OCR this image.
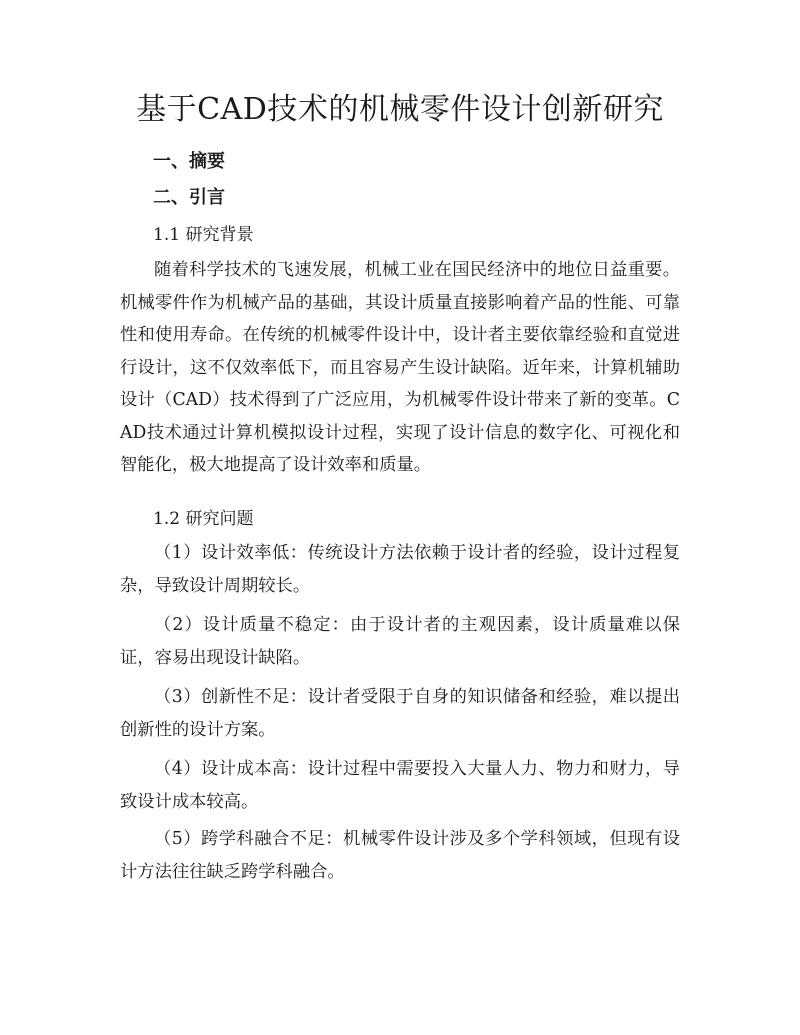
基于CAD技术的机械零件设计创新研究

一、摘要

二、引言

1.1 研究背景

随着科学技术的飞速发展，机械工业在国民经济中的地位日益重要。机械零件作为机械产品的基础，其设计质量直接影响着产品的性能、可靠性和使用寿命。在传统的机械零件设计中，设计者主要依靠经验和直觉进行设计，这不仅效率低下，而且容易产生设计缺陷。近年来，计算机辅助设计（CAD）技术得到了广泛应用，为机械零件设计带来了新的变革。CAD技术通过计算机模拟设计过程，实现了设计信息的数字化、可视化和智能化，极大地提高了设计效率和质量。

1.2 研究问题

（1）设计效率低：传统设计方法依赖于设计者的经验，设计过程复杂，导致设计周期较长。

（2）设计质量不稳定：由于设计者的主观因素，设计质量难以保证，容易出现设计缺陷。

（3）创新性不足：设计者受限于自身的知识储备和经验，难以提出创新性的设计方案。

（4）设计成本高：设计过程中需要投入大量人力、物力和财力，导致设计成本较高。

（5）跨学科融合不足：机械零件设计涉及多个学科领域，但现有设计方法往往缺乏跨学科融合。
